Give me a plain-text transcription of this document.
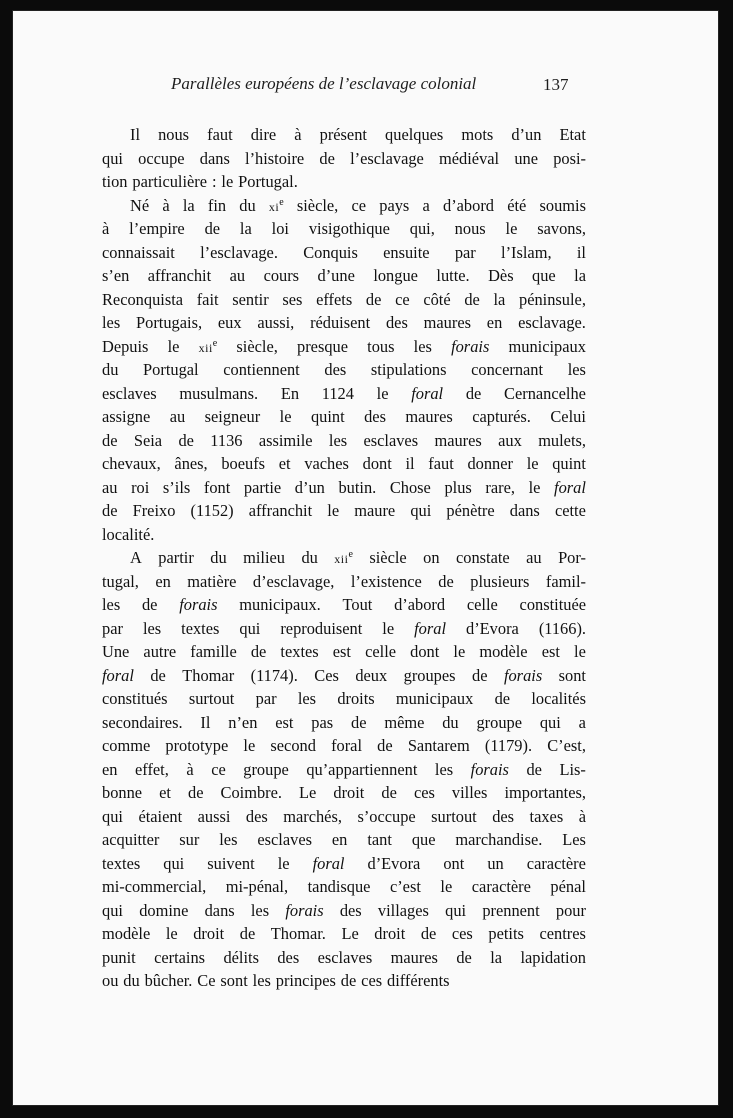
Parallèles européens de l’esclavage colonial	137
Il nous faut dire à présent quelques mots d’un Etat
qui occupe dans l’histoire de l’esclavage médiéval une posi-
tion particulière : le Portugal.
Né à la fin du $xi^e$ siècle, ce pays a d’abord été soumis
à l’empire de la loi visigothique qui, nous le savons,
connaissait l’esclavage. Conquis ensuite par l’Islam, il
s’en affranchit au cours d’une longue lutte. Dès que la
Reconquista fait sentir ses effets de ce côté de la péninsule,
les Portugais, eux aussi, réduisent des maures en esclavage.
Depuis le xii$^e$ siècle, presque tous les forais municipaux
du Portugal contiennent des stipulations concernant les
esclaves musulmans. En 1124 le foral de Cernancelhe
assigne au seigneur le quint des maures capturés. Celui
de Seia de 1136 assimile les esclaves maures aux mulets,
chevaux, ânes, boeufs et vaches dont il faut donner le quint
au roi s’ils font partie d’un butin. Chose plus rare, le foral
de Freixo (1152) affranchit le maure qui pénètre dans cette
localité.
A partir du milieu du xii$^e$ siècle on constate au Por-
tugal, en matière d’esclavage, l’existence de plusieurs famil-
les de forais municipaux. Tout d’abord celle constituée
par les textes qui reproduisent le foral d’Evora (1166).
Une autre famille de textes est celle dont le modèle est le
foral de Thomar (1174). Ces deux groupes de forais sont
constitués surtout par les droits municipaux de localités
secondaires. Il n’en est pas de même du groupe qui a
comme prototype le second foral de Santarem (1179). C’est,
en effet, à ce groupe qu’appartiennent les forais de Lis-
bonne et de Coimbre. Le droit de ces villes importantes,
qui étaient aussi des marchés, s’occupe surtout des taxes à
acquitter sur les esclaves en tant que marchandise. Les
textes qui suivent le foral d’Evora ont un caractère
mi-commercial, mi-pénal, tandisque c’est le caractère pénal
qui domine dans les forais des villages qui prennent pour
modèle le droit de Thomar. Le droit de ces petits centres
punit certains délits des esclaves maures de la lapidation
ou du bûcher. Ce sont les principes de ces différents
